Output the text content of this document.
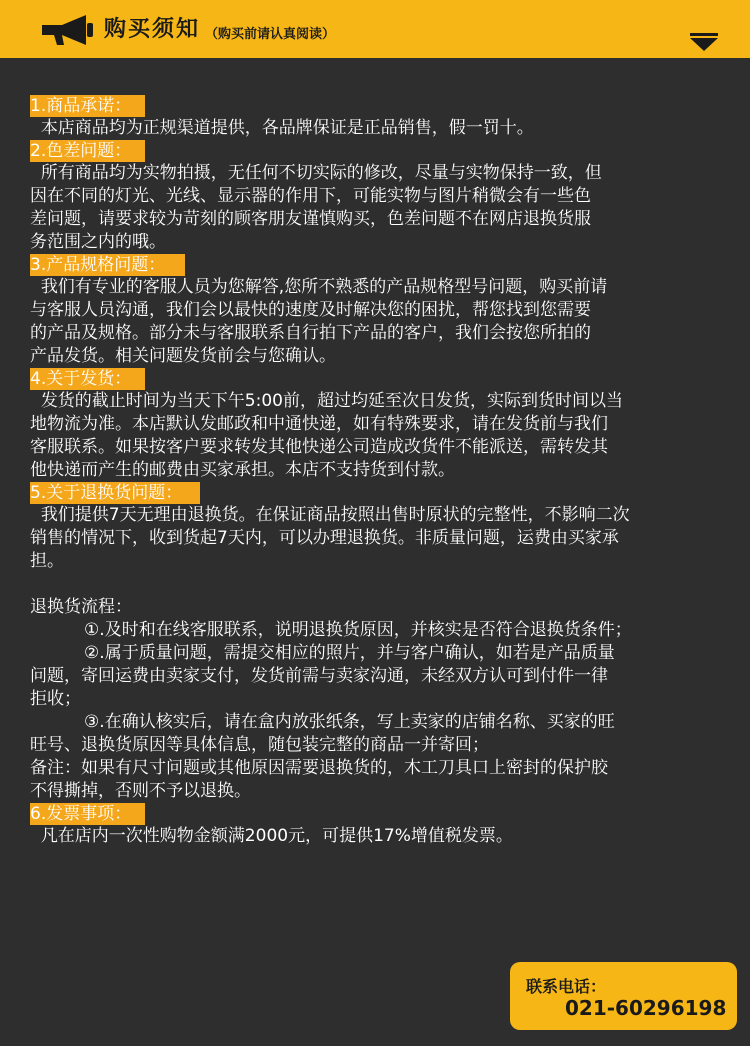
购买须知 （购买前请认真阅读）
1.商品承诺：

本店商品均为正规渠道提供，各品牌保证是正品销售，假一罚十。

2.色差问题：

所有商品均为实物拍摄，无任何不切实际的修改，尽量与实物保持一致，但

因在不同的灯光、光线、显示器的作用下，可能实物与图片稍微会有一些色

差问题，请要求较为苛刻的顾客朋友谨慎购买，色差问题不在网店退换货服

务范围之内的哦。

3.产品规格问题：

我们有专业的客服人员为您解答,您所不熟悉的产品规格型号问题，购买前请

与客服人员沟通，我们会以最快的速度及时解决您的困扰，帮您找到您需要

的产品及规格。部分未与客服联系自行拍下产品的客户，我们会按您所拍的

产品发货。相关问题发货前会与您确认。

4.关于发货：

发货的截止时间为当天下午5:00前，超过均延至次日发货，实际到货时间以当

地物流为准。本店默认发邮政和中通快递，如有特殊要求，请在发货前与我们

客服联系。如果按客户要求转发其他快递公司造成改货件不能派送，需转发其

他快递而产生的邮费由买家承担。本店不支持货到付款。

5.关于退换货问题：

我们提供7天无理由退换货。在保证商品按照出售时原状的完整性，不影响二次

销售的情况下，收到货起7天内，可以办理退换货。非质量问题，运费由买家承

担。

退换货流程：

①.及时和在线客服联系，说明退换货原因，并核实是否符合退换货条件；

②.属于质量问题，需提交相应的照片，并与客户确认，如若是产品质量

问题，寄回运费由卖家支付，发货前需与卖家沟通，未经双方认可到付件一律

拒收；

③.在确认核实后，请在盒内放张纸条，写上卖家的店铺名称、买家的旺

旺号、退换货原因等具体信息，随包装完整的商品一并寄回；

备注：如果有尺寸问题或其他原因需要退换货的，木工刀具口上密封的保护胶

不得撕掉，否则不予以退换。

6.发票事项：

凡在店内一次性购物金额满2000元，可提供17%增值税发票。

联系电话：
021-60296198
